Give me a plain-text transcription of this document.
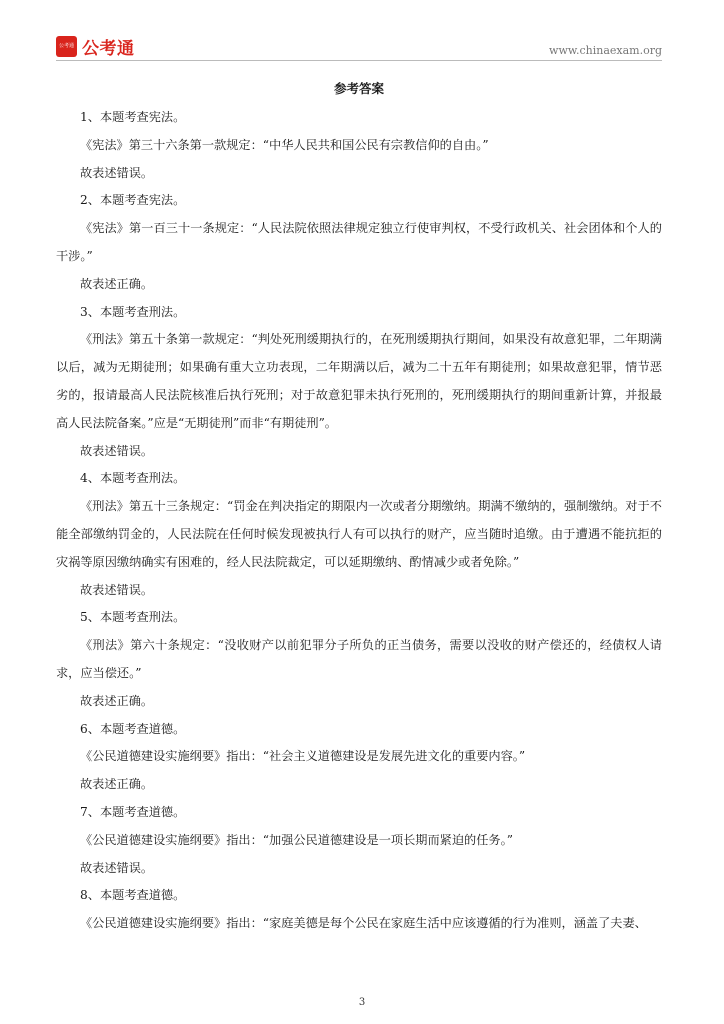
公考通 公考通	www.chinaexam.org
参考答案

1、本题考查宪法。

《宪法》第三十六条第一款规定：“中华人民共和国公民有宗教信仰的自由。”

故表述错误。

2、本题考查宪法。

《宪法》第一百三十一条规定：“人民法院依照法律规定独立行使审判权，不受行政机关、社会团体和个人的干涉。”

故表述正确。

3、本题考查刑法。

《刑法》第五十条第一款规定：“判处死刑缓期执行的，在死刑缓期执行期间，如果没有故意犯罪，二年期满以后，减为无期徒刑；如果确有重大立功表现，二年期满以后，减为二十五年有期徒刑；如果故意犯罪，情节恶劣的，报请最高人民法院核准后执行死刑；对于故意犯罪未执行死刑的，死刑缓期执行的期间重新计算，并报最高人民法院备案。”应是“无期徒刑”而非“有期徒刑”。

故表述错误。

4、本题考查刑法。

《刑法》第五十三条规定：“罚金在判决指定的期限内一次或者分期缴纳。期满不缴纳的，强制缴纳。对于不能全部缴纳罚金的，人民法院在任何时候发现被执行人有可以执行的财产，应当随时追缴。由于遭遇不能抗拒的灾祸等原因缴纳确实有困难的，经人民法院裁定，可以延期缴纳、酌情减少或者免除。”

故表述错误。

5、本题考查刑法。

《刑法》第六十条规定：“没收财产以前犯罪分子所负的正当债务，需要以没收的财产偿还的，经债权人请求，应当偿还。”

故表述正确。

6、本题考查道德。

《公民道德建设实施纲要》指出：“社会主义道德建设是发展先进文化的重要内容。”

故表述正确。

7、本题考查道德。

《公民道德建设实施纲要》指出：“加强公民道德建设是一项长期而紧迫的任务。”

故表述错误。

8、本题考查道德。

《公民道德建设实施纲要》指出：“家庭美德是每个公民在家庭生活中应该遵循的行为准则，涵盖了夫妻、

3
